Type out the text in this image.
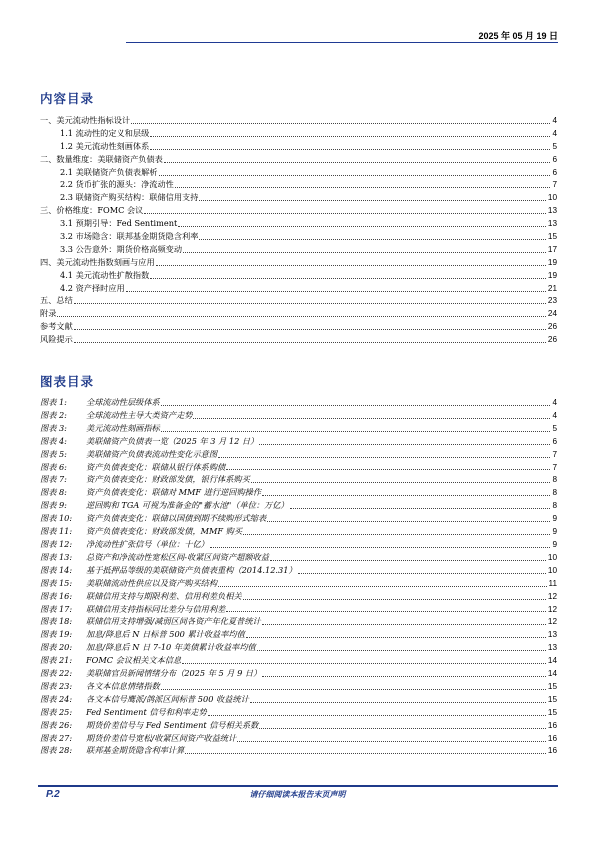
2025 年 05 月 19 日
内容目录
一、美元流动性指标设计	4
1.1 流动性的定义和层级	4
1.2 美元流动性刻画体系	5
二、数量维度：美联储资产负债表	6
2.1 美联储资产负债表解析	6
2.2 货币扩张的源头：净流动性	7
2.3 联储资产购买结构：联储信用支持	10
三、价格维度：FOMC 会议	13
3.1 预期引导：Fed Sentiment	13
3.2 市场隐含：联邦基金期货隐含利率	15
3.3 公告意外：期货价格高频变动	17
四、美元流动性指数刻画与应用	19
4.1 美元流动性扩散指数	19
4.2 资产择时应用	21
五、总结	23
附录	24
参考文献	26
风险提示	26
图表目录
图表 1:	全球流动性层级体系	4
图表 2:	全球流动性主导大类资产走势	4
图表 3:	美元流动性刻画指标	5
图表 4:	美联储资产负债表一览（2025 年 3 月 12 日）	6
图表 5:	美联储资产负债表流动性变化示意图	7
图表 6:	资产负债表变化：联储从银行体系购债	7
图表 7:	资产负债表变化：财政部发债，银行体系购买	8
图表 8:	资产负债表变化：联储对 MMF 进行逆回购操作	8
图表 9:	逆回购和 TGA 可视为准备金的"蓄水池"（单位：万亿）	8
图表 10:	资产负债表变化：联储以国债到期不续购形式缩表	9
图表 11:	资产负债表变化：财政部发债，MMF 购买	9
图表 12:	净流动性扩张信号（单位：十亿）	9
图表 13:	总资产和净流动性宽松区间-收紧区间资产超额收益	10
图表 14:	基于抵押品等级的美联储资产负债表重构（2014.12.31）	10
图表 15:	美联储流动性供应以及资产购买结构	11
图表 16:	联储信用支持与期限利差、信用利差负相关	12
图表 17:	联储信用支持指标同比差分与信用利差	12
图表 18:	联储信用支持增强/减弱区间各资产年化夏普统计	12
图表 19:	加息/降息后 N 日标普 500 累计收益率均值	13
图表 20:	加息/降息后 N 日 7-10 年美债累计收益率均值	13
图表 21:	FOMC 会议相关文本信息	14
图表 22:	美联储官员新闻情绪分布（2025 年 5 月 9 日）	14
图表 23:	各文本信息情绪指数	15
图表 24:	各文本信号鹰派/鸽派区间标普 500 收益统计	15
图表 25:	Fed Sentiment 信号和利率走势	15
图表 26:	期货价差信号与 Fed Sentiment 信号相关系数	16
图表 27:	期货价差信号宽松/收紧区间资产收益统计	16
图表 28:	联邦基金期货隐含利率计算	16
P.2	请仔细阅读本报告末页声明
